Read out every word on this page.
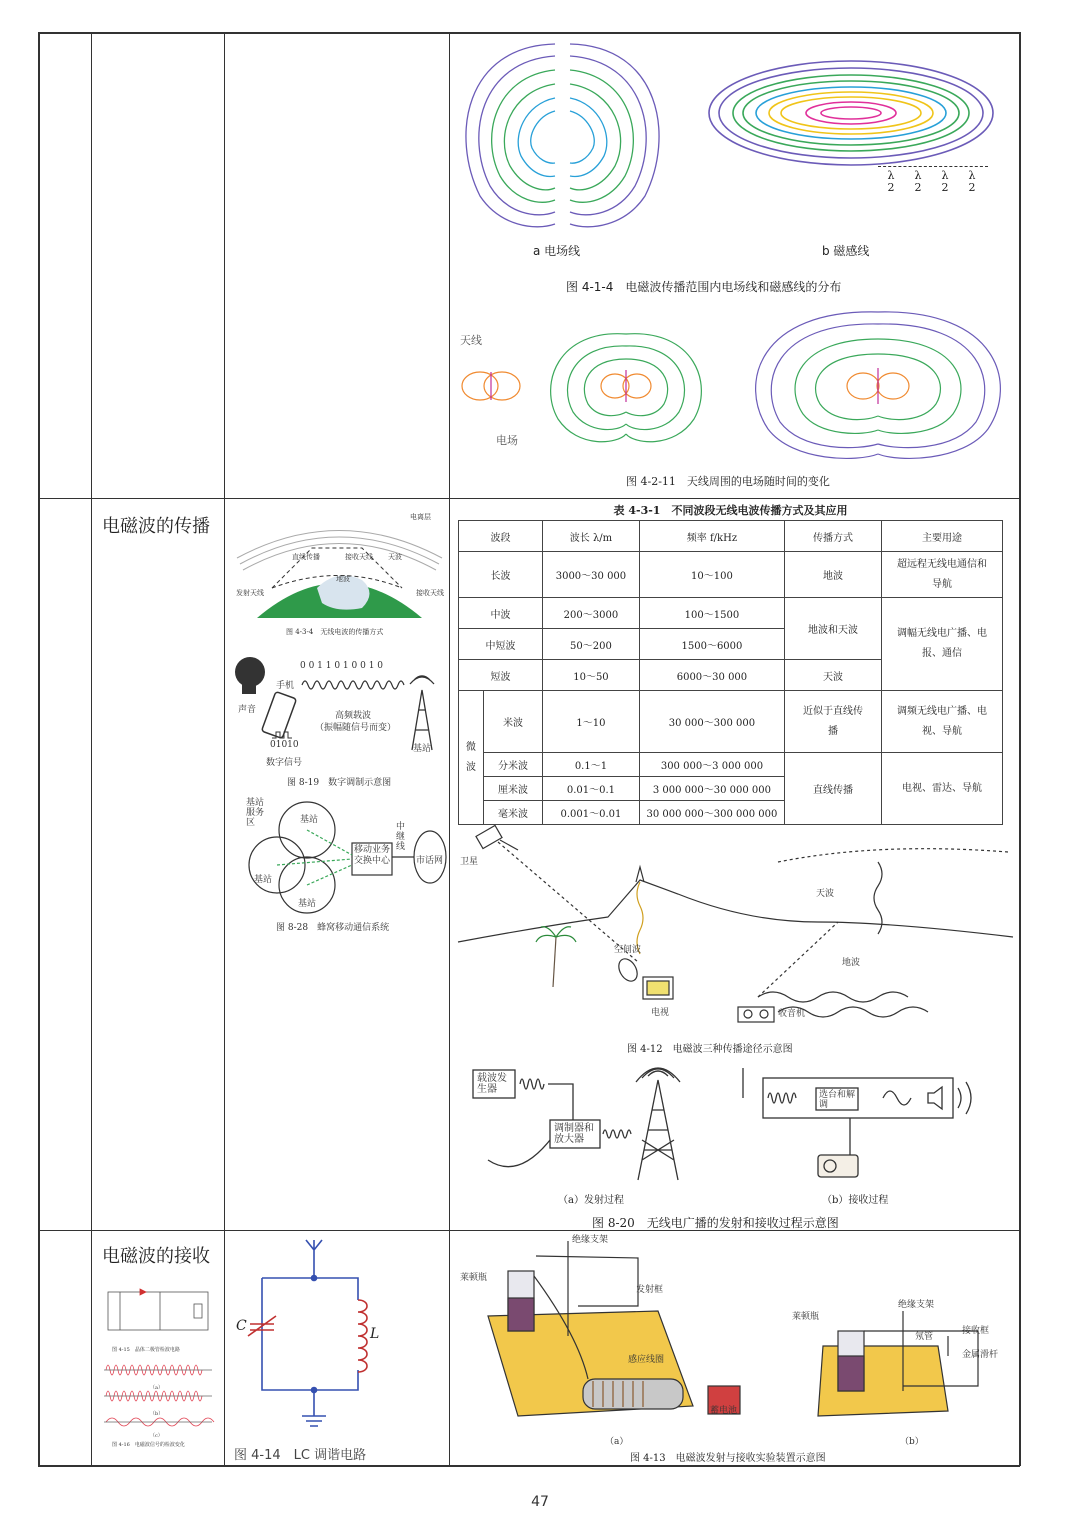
电磁波的传播
电磁波的接收
a 电场线
λ
2
λ
2
λ
2
λ
2
b 磁感线
图 4-1-4　电磁波传播范围内电场线和磁感线的分布
天线
电场
图 4-2-11　天线周围的电场随时间的变化
电离层
直线传播	接收天线 天波
地波
发射天线	接收天线
图 4-3-4　无线电波的传播方式
0 0 1 1 0 1 0 0 1 0
手机
声音
高频载波
（振幅随信号而变）
01010
数字信号
基站
图 8-19　数字调制示意图
基站服务区	基站
基站
基站
移动业务交换中心
中继线
市话网
图 8-28　蜂窝移动通信系统
表 4-3-1　不同波段无线电波传播方式及其应用
波段		波长 λ/m	频率 f/kHz	传播方式	主要用途
长波		3000～30 000	10～100	地波	超远程无线电通信和导航
中波		200～3000	100～1500	地波和天波	调幅无线电广播、电报、通信
中短波		50～200	1500～6000		
短波		10～50	6000～30 000	天波	
微波	米波	1～10	30 000～300 000	近似于直线传播	调频无线电广播、电视、导航
	分米波	0.1～1	300 000～3 000 000	直线传播	电视、雷达、导航
	厘米波	0.01～0.1	3 000 000～30 000 000		
	毫米波	0.001～0.01	30 000 000～300 000 000		
卫星
天波
空间波
地波
电视	收音机
图 4-12　电磁波三种传播途径示意图
载波发生器
调制器和放大器
选台和解调
（a）发射过程	（b）接收过程
图 8-20　无线电广播的发射和接收过程示意图
图 4-15　晶体二极管检波电路
（a）
（b）
（c）
图 4-16　电磁波信号的检波变化
C	L
图 4-14　LC 调谐电路
绝缘支架
莱顿瓶
发射框
感应线圈
蓄电池
（a）
绝缘支架
莱顿瓶
氖管
接收框
金属滑杆
（b）
图 4-13　电磁波发射与接收实验装置示意图
47
